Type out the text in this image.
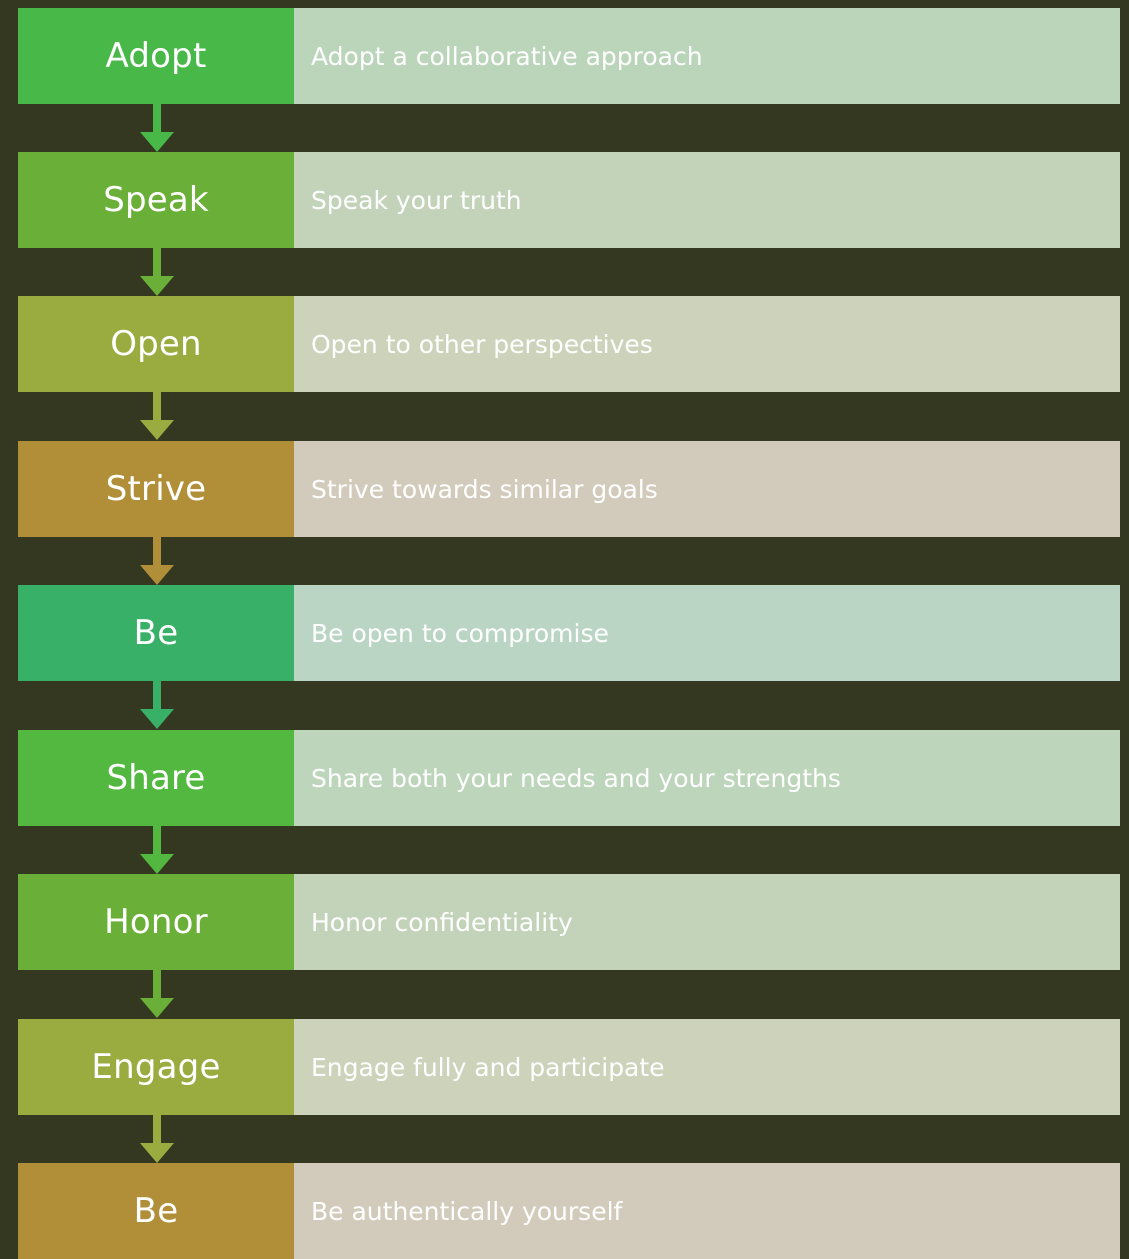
Adopt	Adopt a collaborative approach
Speak	Speak your truth
Open	Open to other perspectives
Strive	Strive towards similar goals
Be	Be open to compromise
Share	Share both your needs and your strengths
Honor	Honor confidentiality
Engage	Engage fully and participate
Be	Be authentically yourself
